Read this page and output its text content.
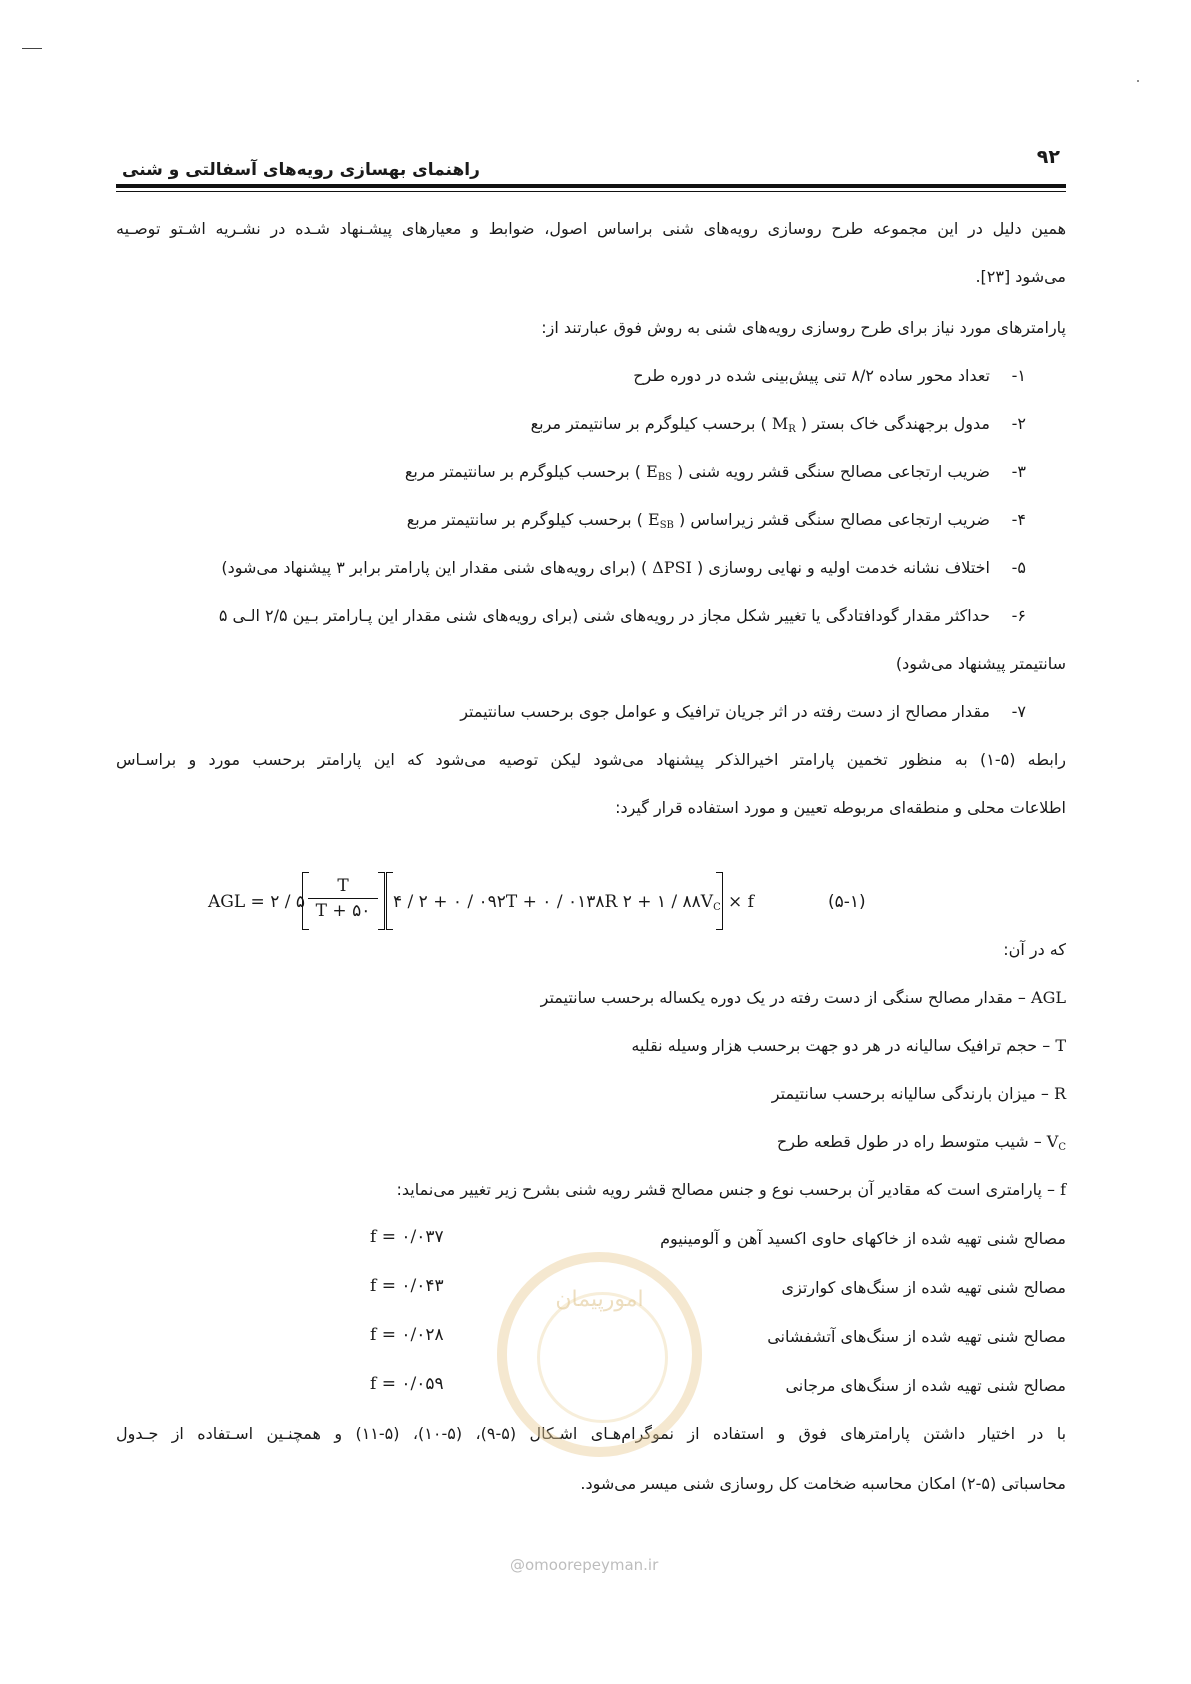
۹۲
راهنمای بهسازی رویه‌های آسفالتی و شنی
همین دلیل در این مجموعه طرح روسازی رویه‌های شنی براساس اصول، ضوابط و معیارهای پیشـنهاد شـده در نشـریه اشـتو توصـیه
می‌شود [۲۳].
پارامترهای مورد نیاز برای طرح روسازی رویه‌های شنی به روش فوق عبارتند از:
۱-تعداد محور ساده ۸/۲ تنی پیش‌بینی شده در دوره طرح
۲-مدول برجهندگی خاک بستر ( $M_R$ ) برحسب کیلوگرم بر سانتیمتر مربع
۳-ضریب ارتجاعی مصالح سنگی قشر رویه شنی ( $E_{BS}$ ) برحسب کیلوگرم بر سانتیمتر مربع
۴-ضریب ارتجاعی مصالح سنگی قشر زیراساس ( $E_{SB}$ ) برحسب کیلوگرم بر سانتیمتر مربع
۵-اختلاف نشانه خدمت اولیه و نهایی روسازی ( ΔPSI ) (برای رویه‌های شنی مقدار این پارامتر برابر ۳ پیشنهاد می‌شود)
۶-حداکثر مقدار گودافتادگی یا تغییر شکل مجاز در رویه‌های شنی (برای رویه‌های شنی مقدار این پـارامتر بـین ۲/۵ الـی ۵
سانتیمتر پیشنهاد می‌شود)
۷-مقدار مصالح از دست رفته در اثر جریان ترافیک و عوامل جوی برحسب سانتیمتر
رابطه (۵-۱) به منظور تخمین پارامتر اخیرالذکر پیشنهاد می‌شود لیکن توصیه می‌شود که این پارامتر برحسب مورد و براسـاس
اطلاعات محلی و منطقه‌ای مربوطه تعیین و مورد استفاده قرار گیرد:
AGL = ۲ / ۵ $\frac{T}{T + ۵۰}$ ۴ / ۲ + ۰ / ۰۹۲T + ۰ / ۰۱۳۸R ۲ + ۱ / $۸۸V_C \times f$	(۵-۱)
که در آن:
AGL – مقدار مصالح سنگی از دست رفته در یک دوره یکساله برحسب سانتیمتر
T – حجم ترافیک سالیانه در هر دو جهت برحسب هزار وسیله نقلیه
R – میزان بارندگی سالیانه برحسب سانتیمتر
$V_C$ – شیب متوسط راه در طول قطعه طرح
f – پارامتری است که مقادیر آن برحسب نوع و جنس مصالح قشر رویه شنی بشرح زیر تغییر می‌نماید:
مصالح شنی تهیه شده از خاکهای حاوی اکسید آهن و آلومینیوم
f = ۰/۰۳۷
مصالح شنی تهیه شده از سنگ‌های کوارتزی
f = ۰/۰۴۳
مصالح شنی تهیه شده از سنگ‌های آتشفشانی
f = ۰/۰۲۸
مصالح شنی تهیه شده از سنگ‌های مرجانی
f = ۰/۰۵۹
با در اختیار داشتن پارامترهای فوق و استفاده از نموگرام‌هـای اشـکال (۵-۹)، (۵-۱۰)، (۵-۱۱) و همچنـین اسـتفاده از جـدول
محاسباتی (۵-۲) امکان محاسبه ضخامت کل روسازی شنی میسر می‌شود.
امورپیمان
@omoorepeyman.ir
